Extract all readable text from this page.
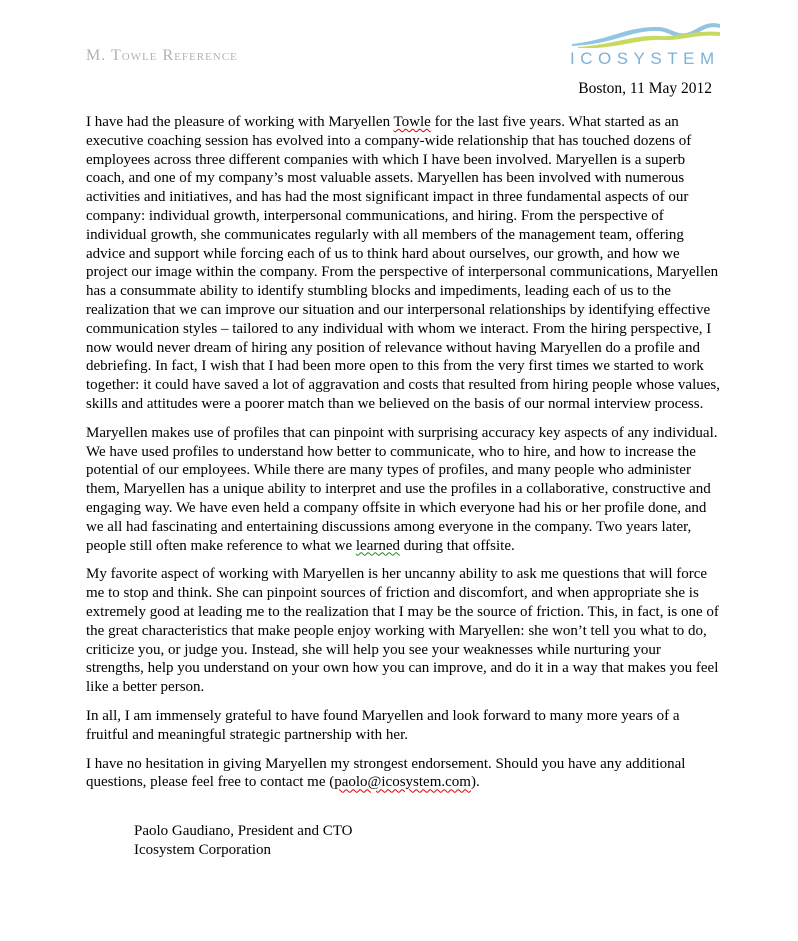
M. Towle Reference	ICOSYSTEM
Boston, 11 May 2012

I have had the pleasure of working with Maryellen Towle for the last five years. What started as an executive coaching session has evolved into a company-wide relationship that has touched dozens of employees across three different companies with which I have been involved. Maryellen is a superb coach, and one of my company’s most valuable assets. Maryellen has been involved with numerous activities and initiatives, and has had the most significant impact in three fundamental aspects of our company: individual growth, interpersonal communications, and hiring. From the perspective of individual growth, she communicates regularly with all members of the management team, offering advice and support while forcing each of us to think hard about ourselves, our growth, and how we project our image within the company. From the perspective of interpersonal communications, Maryellen has a consummate ability to identify stumbling blocks and impediments, leading each of us to the realization that we can improve our situation and our interpersonal relationships by identifying effective communication styles – tailored to any individual with whom we interact. From the hiring perspective, I now would never dream of hiring any position of relevance without having Maryellen do a profile and debriefing. In fact, I wish that I had been more open to this from the very first times we started to work together: it could have saved a lot of aggravation and costs that resulted from hiring people whose values, skills and attitudes were a poorer match than we believed on the basis of our normal interview process.

Maryellen makes use of profiles that can pinpoint with surprising accuracy key aspects of any individual. We have used profiles to understand how better to communicate, who to hire, and how to increase the potential of our employees. While there are many types of profiles, and many people who administer them, Maryellen has a unique ability to interpret and use the profiles in a collaborative, constructive and engaging way. We have even held a company offsite in which everyone had his or her profile done, and we all had fascinating and entertaining discussions among everyone in the company. Two years later, people still often make reference to what we learned during that offsite.

My favorite aspect of working with Maryellen is her uncanny ability to ask me questions that will force me to stop and think. She can pinpoint sources of friction and discomfort, and when appropriate she is extremely good at leading me to the realization that I may be the source of friction. This, in fact, is one of the great characteristics that make people enjoy working with Maryellen: she won’t tell you what to do, criticize you, or judge you. Instead, she will help you see your weaknesses while nurturing your strengths, help you understand on your own how you can improve, and do it in a way that makes you feel like a better person.

In all, I am immensely grateful to have found Maryellen and look forward to many more years of a fruitful and meaningful strategic partnership with her.

I have no hesitation in giving Maryellen my strongest endorsement. Should you have any additional questions, please feel free to contact me (paolo@icosystem.com).

Paolo Gaudiano, President and CTO
Icosystem Corporation
